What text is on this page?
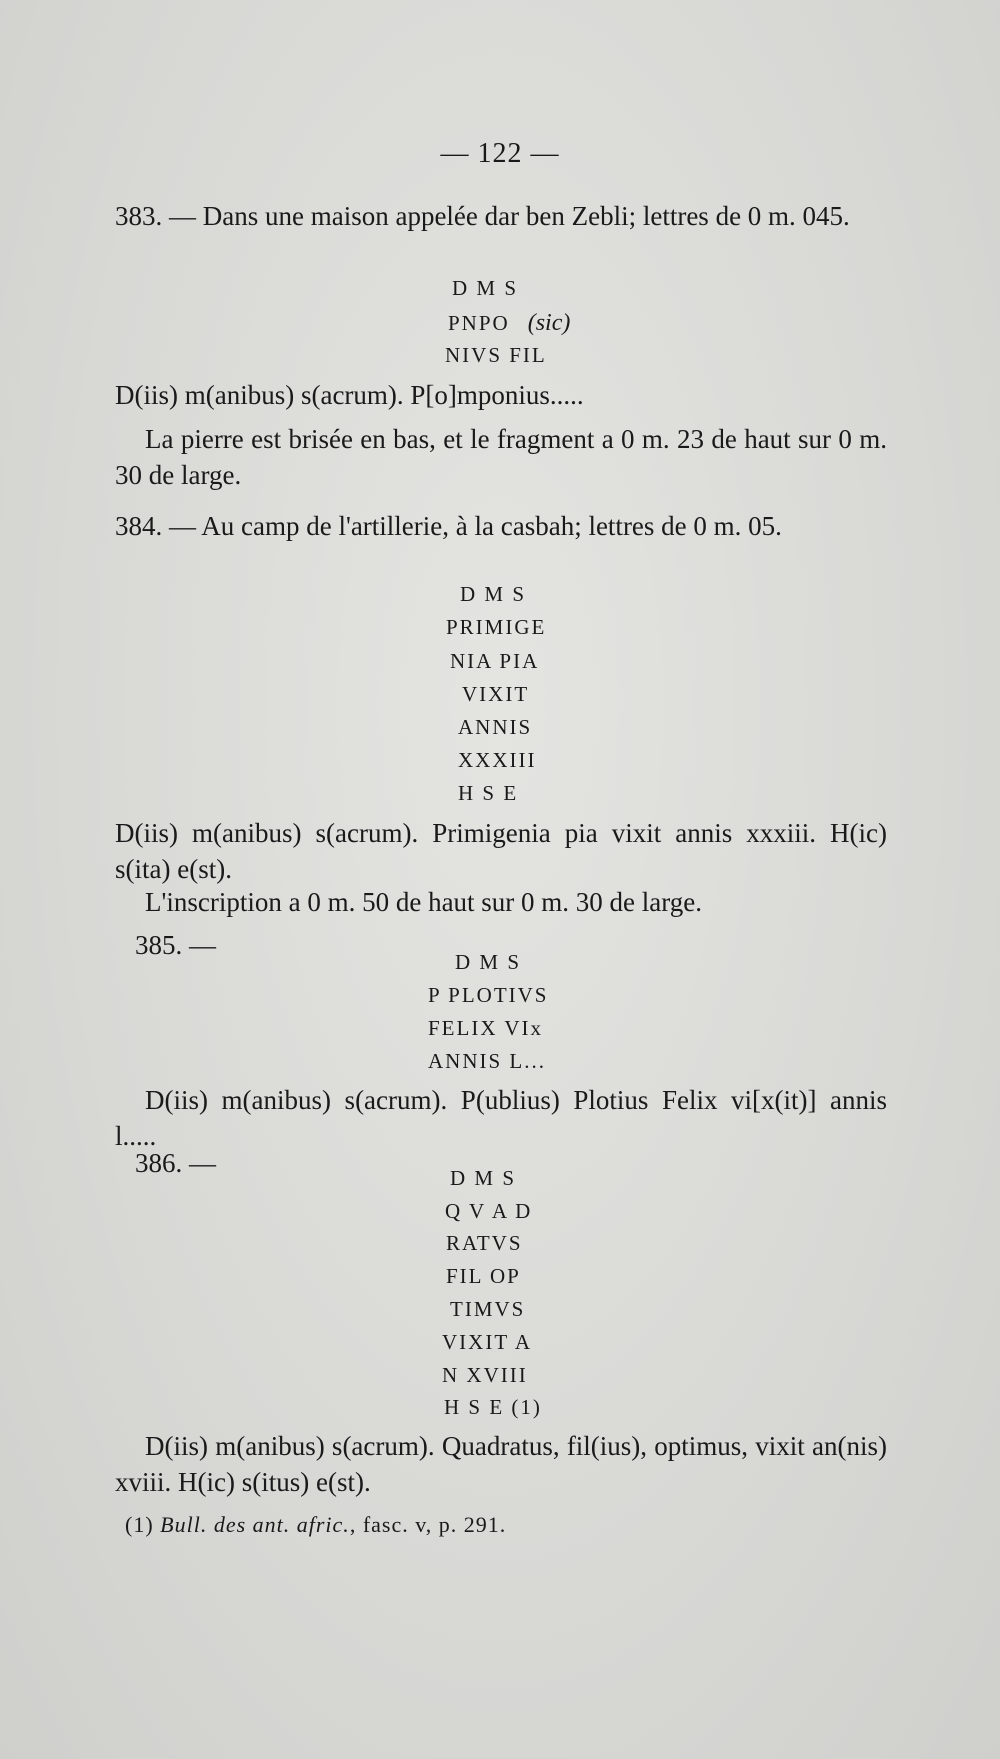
— 122 —
383. — Dans une maison appelée dar ben Zebli; lettres de 0 m. 045.
D M S
PNPO (sic)
NIVS FIL
D(iis) m(anibus) s(acrum). P[o]mponius.....
La pierre est brisée en bas, et le fragment a 0 m. 23 de haut sur 0 m. 30 de large.
384. — Au camp de l'artillerie, à la casbah; lettres de 0 m. 05.
D M S
PRIMIGE
NIA PIA
VIXIT
ANNIS
XXXIII
H S E
D(iis) m(anibus) s(acrum). Primigenia pia vixit annis xxxiii. H(ic) s(ita) e(st).
L'inscription a 0 m. 50 de haut sur 0 m. 30 de large.
385. —
D M S
P PLOTIVS
FELIX VIx
ANNIS L...
D(iis) m(anibus) s(acrum). P(ublius) Plotius Felix vi[x(it)] annis l.....
386. —	D M S
Q V A D
RATVS
FIL OP
TIMVS
VIXIT A
N XVIII
H S E (1)
D(iis) m(anibus) s(acrum). Quadratus, fil(ius), optimus, vixit an(nis) xviii. H(ic) s(itus) e(st).
(1) Bull. des ant. afric., fasc. v, p. 291.
